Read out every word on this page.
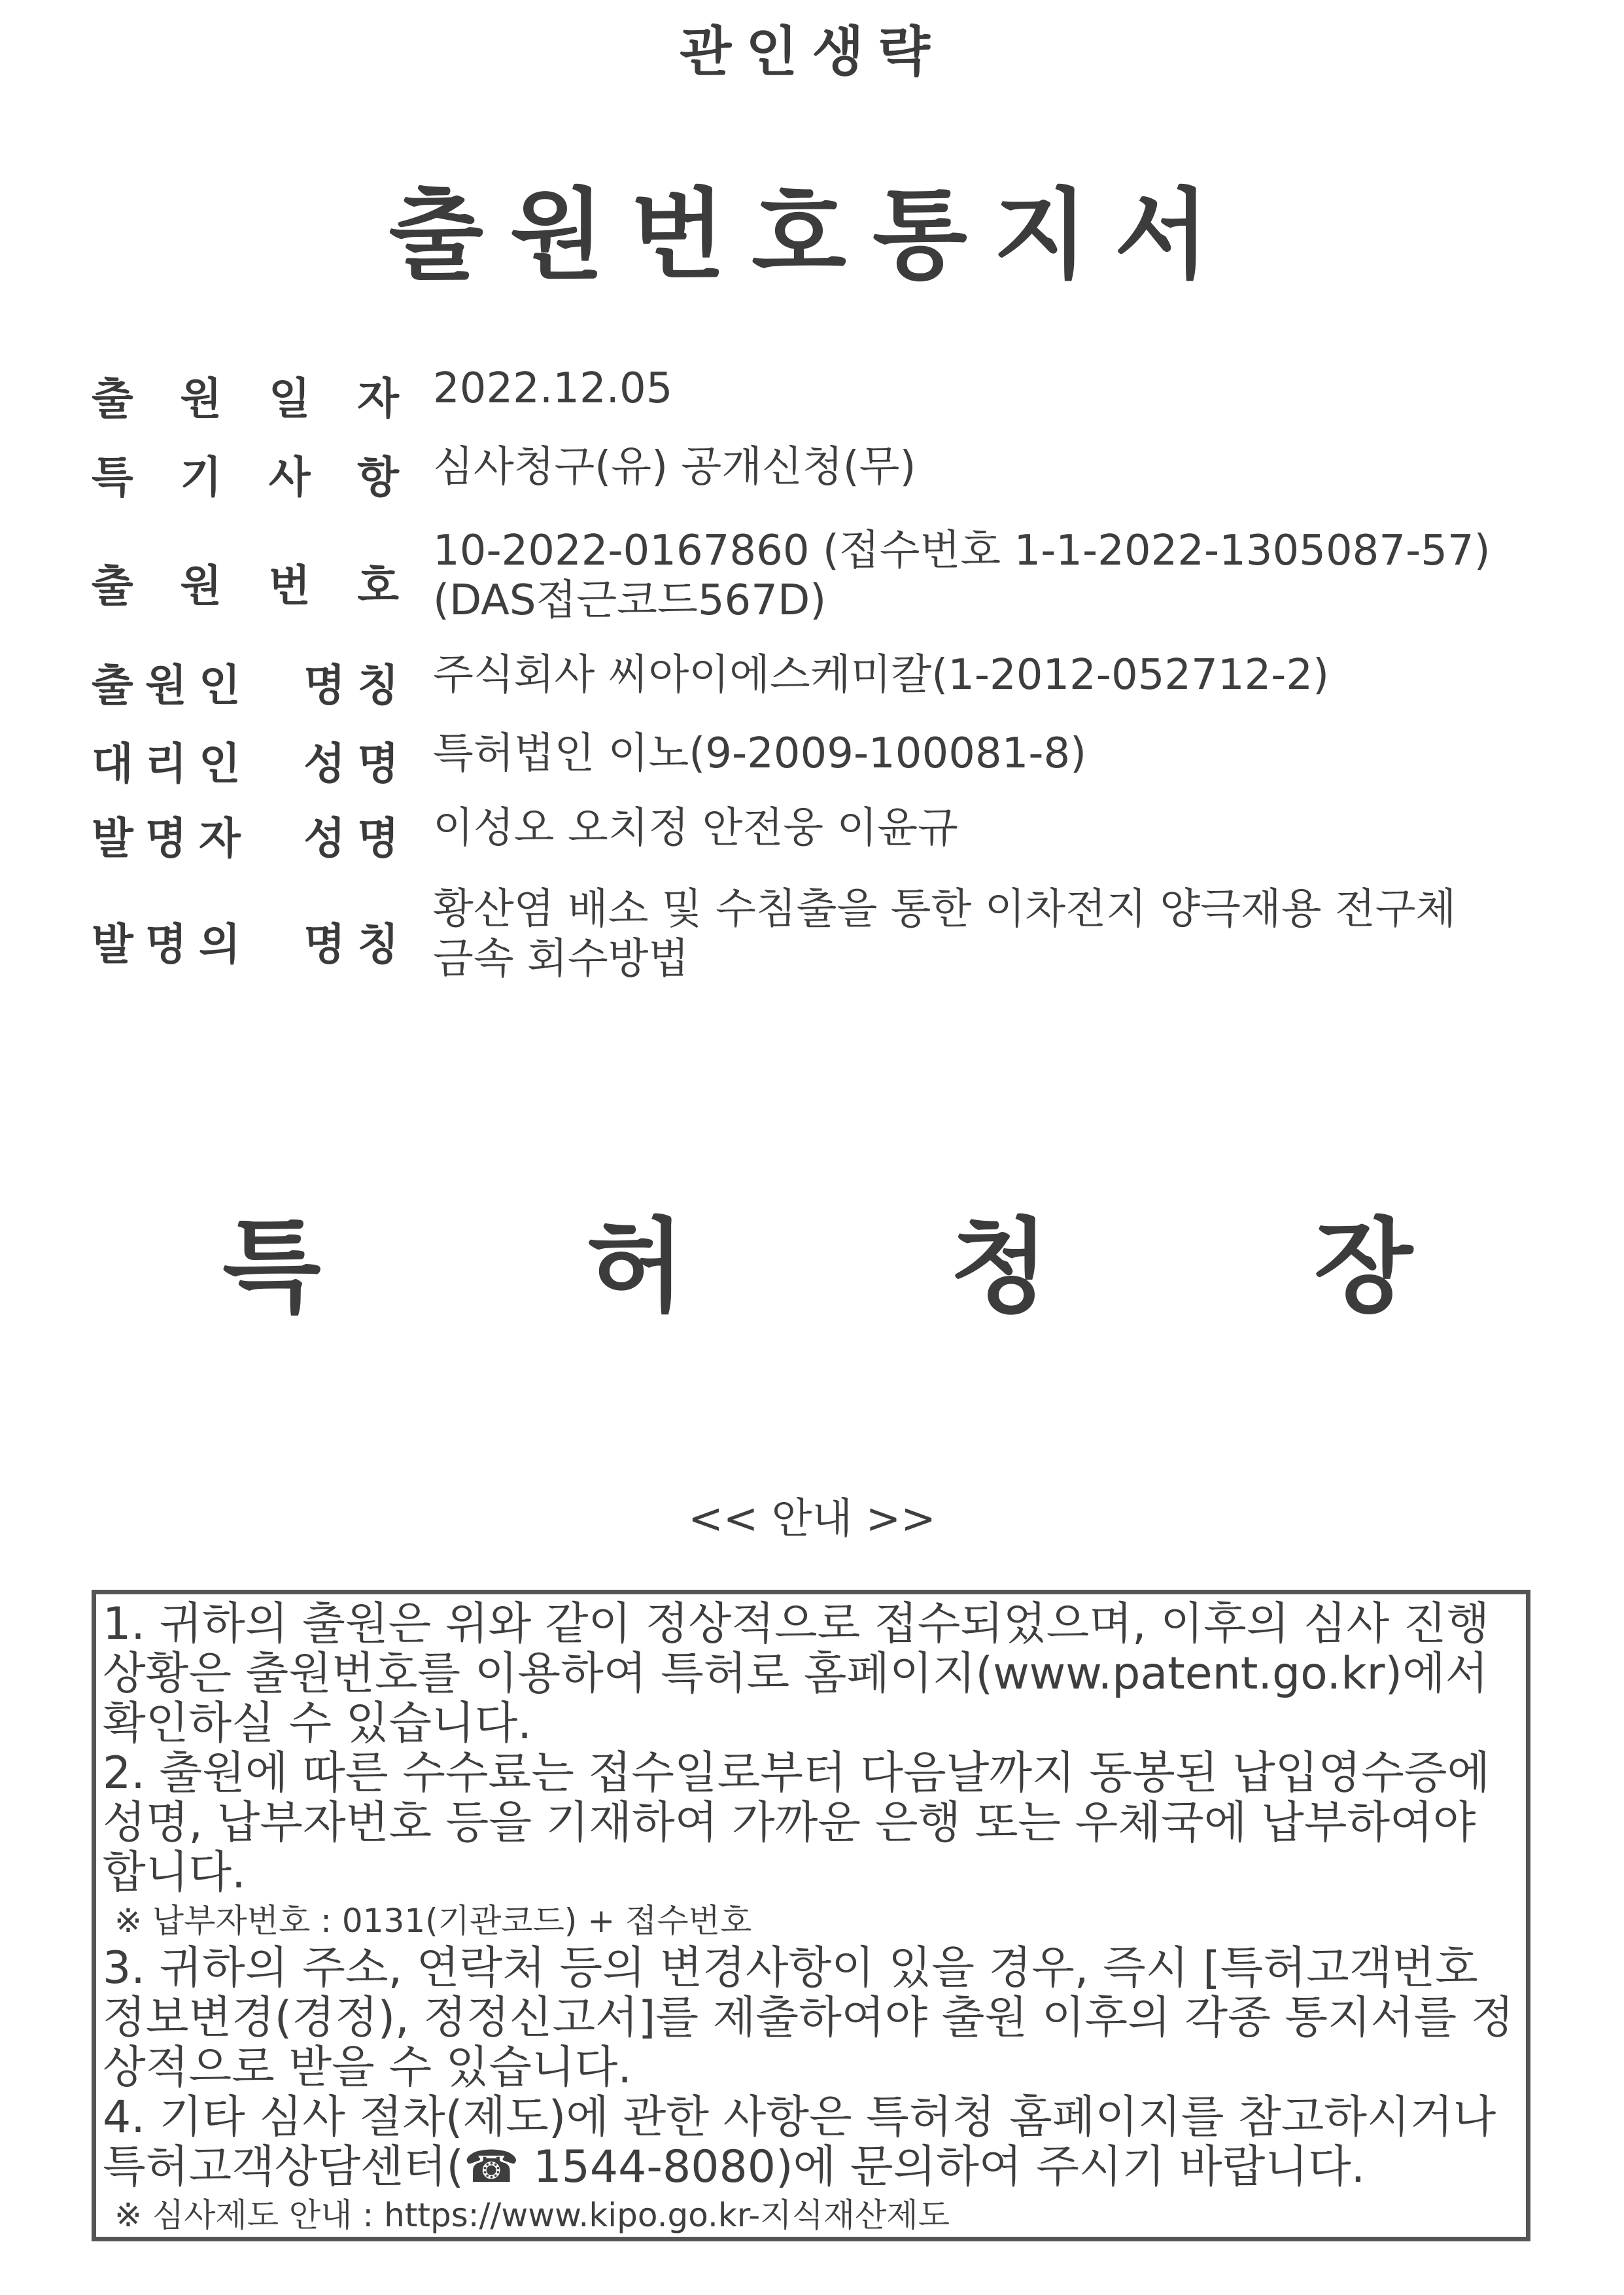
관인생략
출원번호통지서
출 원 일 자 2022.12.05
특 기 사 항 심사청구(유) 공개신청(무)
출 원 번 호
10-2022-0167860 (접수번호 1-1-2022-1305087-57)
(DAS접근코드567D)
출 원 인 명 칭 주식회사 씨아이에스케미칼(1-2012-052712-2)
대 리 인 성 명 특허법인 이노(9-2009-100081-8)
발 명 자 성 명 이성오 오치정 안전웅 이윤규
발 명 의 명 칭
황산염 배소 및 수침출을 통한 이차전지 양극재용 전구체
금속 회수방법
특	허	청	장
<< 안내 >>

1. 귀하의 출원은 위와 같이 정상적으로 접수되었으며, 이후의 심사 진행상황은 출원번호를 이용하여 특허로 홈페이지(www.patent.go.kr)에서 확인하실 수 있습니다.

2. 출원에 따른 수수료는 접수일로부터 다음날까지 동봉된 납입영수증에 성명, 납부자번호 등을 기재하여 가까운 은행 또는 우체국에 납부하여야 합니다.

※ 납부자번호 : 0131(기관코드) + 접수번호

3. 귀하의 주소, 연락처 등의 변경사항이 있을 경우, 즉시 [특허고객번호 정보변경(경정), 정정신고서]를 제출하여야 출원 이후의 각종 통지서를 정상적으로 받을 수 있습니다.

4. 기타 심사 절차(제도)에 관한 사항은 특허청 홈페이지를 참고하시거나 특허고객상담센터(☎ 1544-8080)에 문의하여 주시기 바랍니다.

※ 심사제도 안내 : https://www.kipo.go.kr-지식재산제도
